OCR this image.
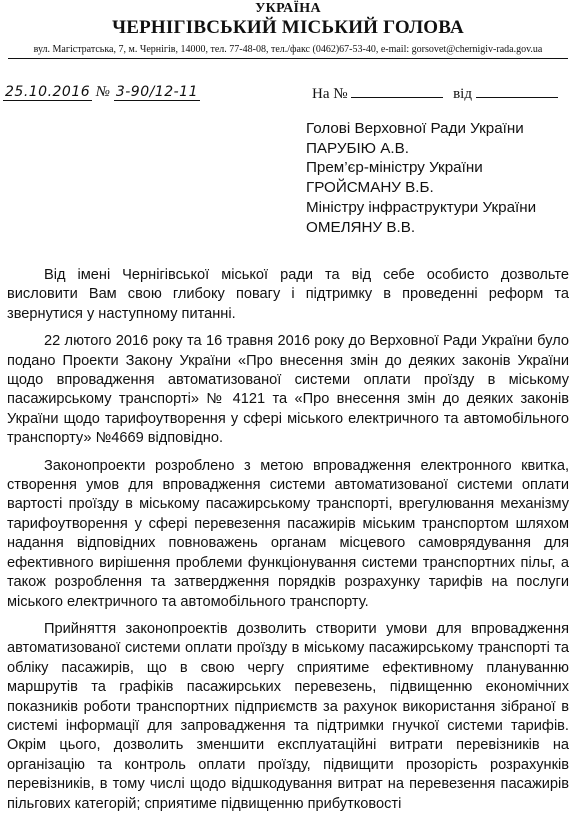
УКРАЇНА
ЧЕРНІГІВСЬКИЙ МІСЬКИЙ ГОЛОВА
вул. Магістратська, 7, м. Чернігів, 14000, тел. 77-48-08, тел./факс (0462)67-53-40, e-mail: gorsovet@chernigiv-rada.gov.ua
25.10.2016 № 3-90/12-11	На №	від
Голові Верховної Ради України
ПАРУБІЮ А.В.
Прем’єр-міністру України
ГРОЙСМАНУ В.Б.
Міністру інфраструктури України
ОМЕЛЯНУ В.В.

Від імені Чернігівської міської ради та від себе особисто дозвольте висловити Вам свою глибоку повагу і підтримку в проведенні реформ та звернутися у наступному питанні.

22 лютого 2016 року та 16 травня 2016 року до Верховної Ради України було подано Проекти Закону України «Про внесення змін до деяких законів України щодо впровадження автоматизованої системи оплати проїзду в міському пасажирському транспорті» № 4121 та «Про внесення змін до деяких законів України щодо тарифоутворення у сфері міського електричного та автомобільного транспорту» №4669 відповідно.

Законопроекти розроблено з метою впровадження електронного квитка, створення умов для впровадження системи автоматизованої системи оплати вартості проїзду в міському пасажирському транспорті, врегулювання механізму тарифоутворення у сфері перевезення пасажирів міським транспортом шляхом надання відповідних повноважень органам місцевого самоврядування для ефективного вирішення проблеми функціонування системи транспортних пільг, а також розроблення та затвердження порядків розрахунку тарифів на послуги міського електричного та автомобільного транспорту.

Прийняття законопроектів дозволить створити умови для впровадження автоматизованої системи оплати проїзду в міському пасажирському транспорті та обліку пасажирів, що в свою чергу сприятиме ефективному плануванню маршрутів та графіків пасажирських перевезень, підвищенню економічних показників роботи транспортних підприємств за рахунок використання зібраної в системі інформації для запровадження та підтримки гнучкої системи тарифів. Окрім цього, дозволить зменшити експлуатаційні витрати перевізників на організацію та контроль оплати проїзду, підвищити прозорість розрахунків перевізників, в тому числі щодо відшкодування витрат на перевезення пасажирів пільгових категорій; сприятиме підвищенню прибутковості
